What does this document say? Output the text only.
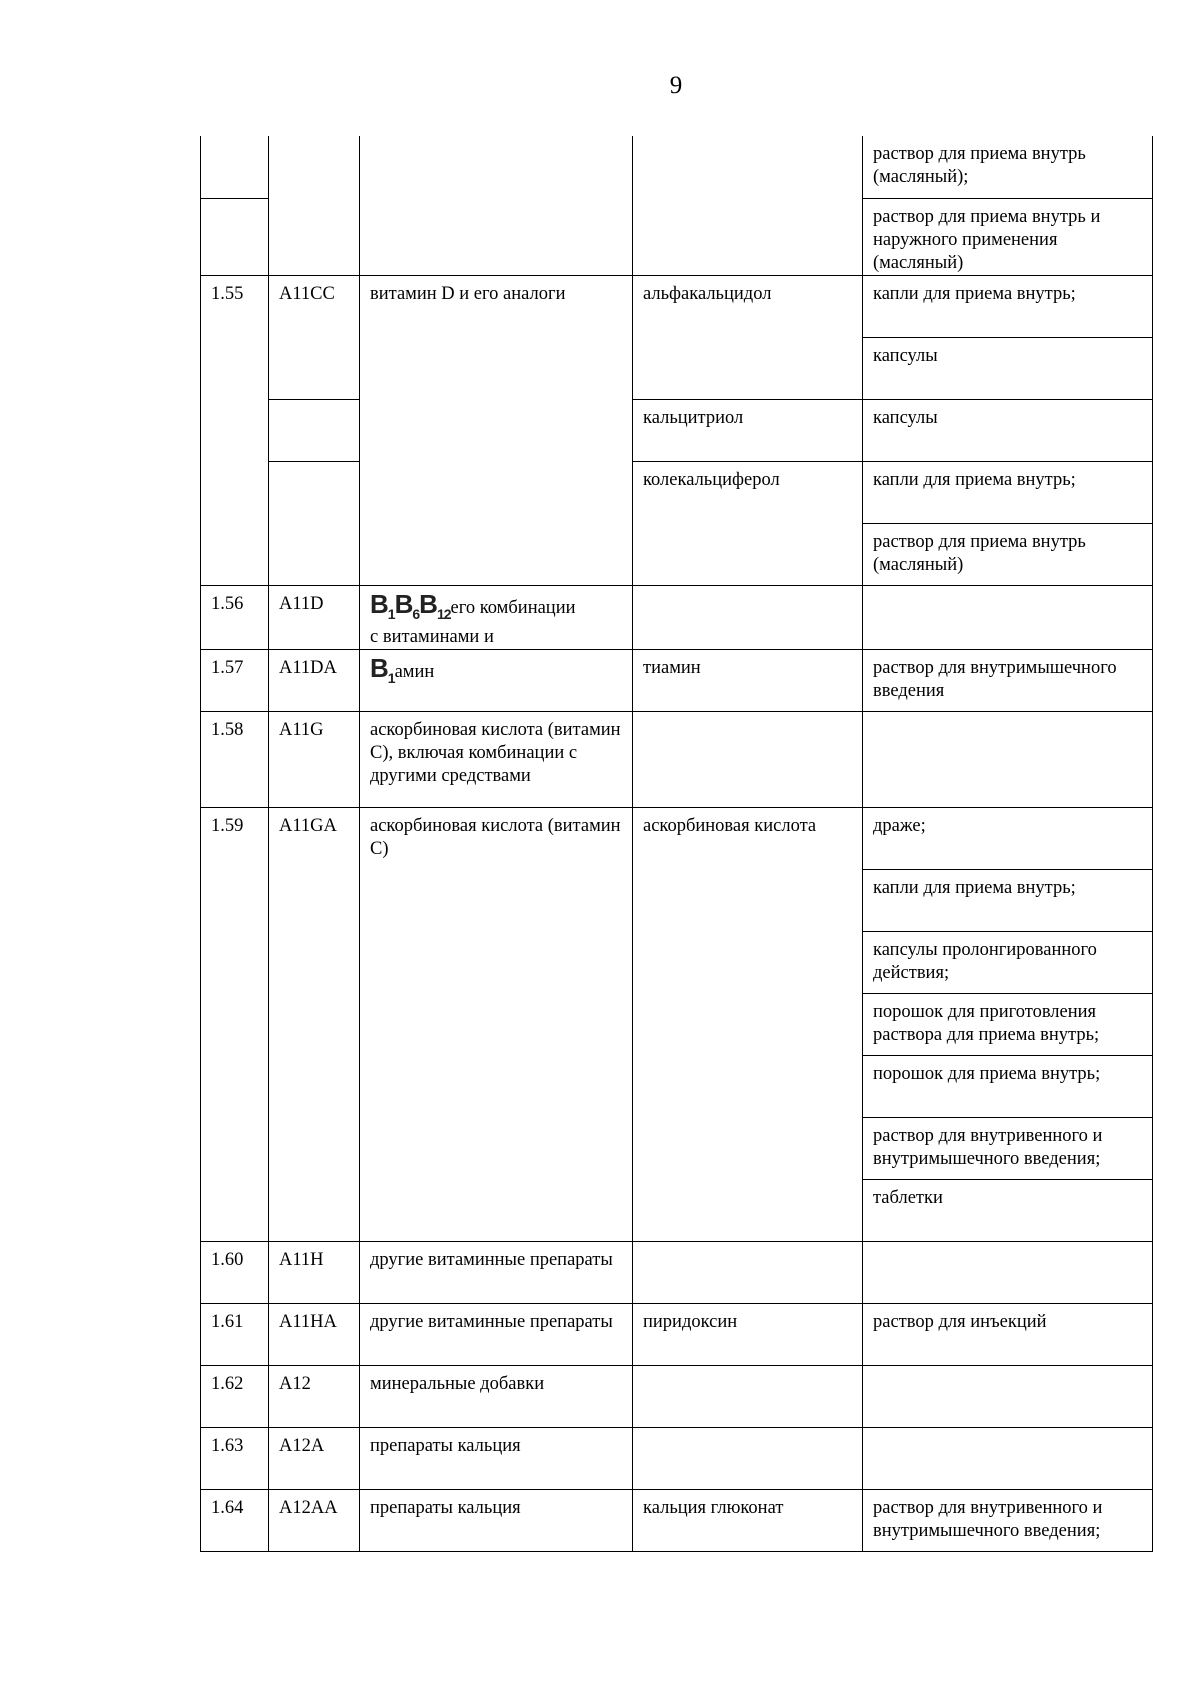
9
				раствор для приема внутрь (масляный);
				раствор для приема внутрь и наружного применения (масляный)
1.55	A11CC	витамин D и его аналоги	альфакальцидол	капли для приема внутрь;
				капсулы
			кальцитриол	капсулы
			колекальциферол	капли для приема внутрь;
				раствор для приема внутрь (масляный)
1.56	A11D	$B_1B_6B_{12}его$ комбинации
с витаминами и		
1.57	A11DA	$B_1амин$	тиамин	раствор для внутримышечного введения
1.58	A11G	аскорбиновая кислота (витамин C), включая комбинации с другими средствами		
1.59	A11GA	аскорбиновая кислота (витамин C)	аскорбиновая кислота	драже;
				капли для приема внутрь;
				капсулы пролонгированного действия;
				порошок для приготовления раствора для приема внутрь;
				порошок для приема внутрь;
				раствор для внутривенного и внутримышечного введения;
				таблетки
1.60	A11H	другие витаминные препараты		
1.61	A11HA	другие витаминные препараты	пиридоксин	раствор для инъекций
1.62	A12	минеральные добавки		
1.63	A12A	препараты кальция		
1.64	A12AA	препараты кальция	кальция глюконат	раствор для внутривенного и внутримышечного введения;
